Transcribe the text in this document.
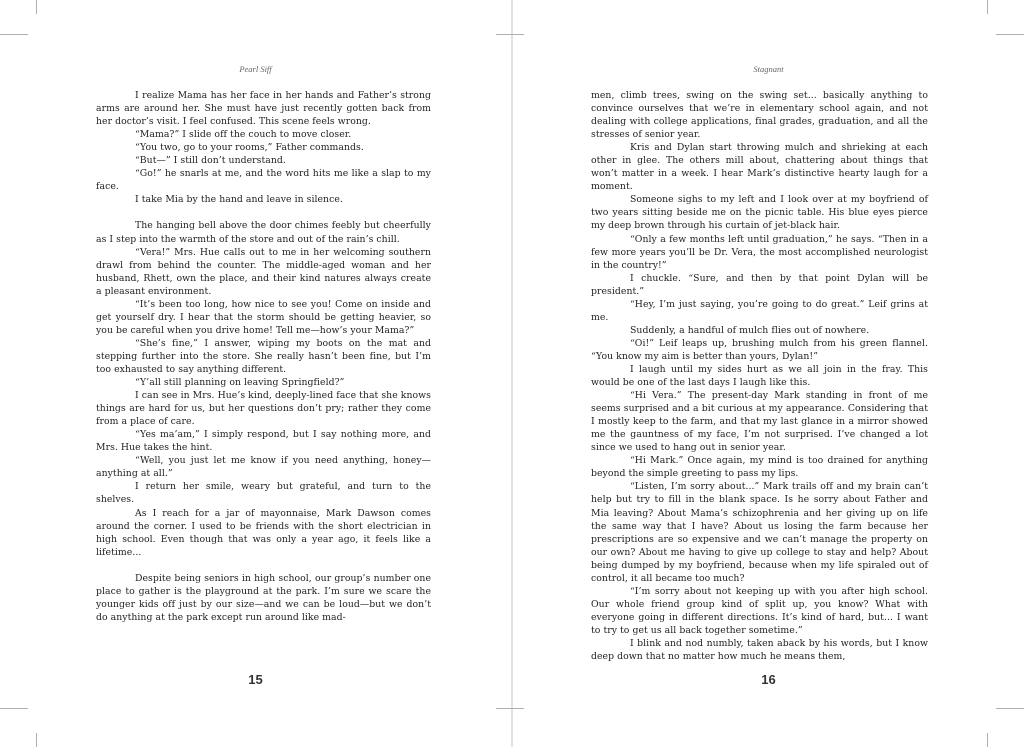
Pearl Siff

I realize Mama has her face in her hands and Father’s strong arms are around her. She must have just recently gotten back from her doctor’s visit. I feel confused. This scene feels wrong.

“Mama?” I slide off the couch to move closer.

“You two, go to your rooms,” Father commands.

“But—” I still don’t understand.

“Go!” he snarls at me, and the word hits me like a slap to my face.

I take Mia by the hand and leave in silence.

The hanging bell above the door chimes feebly but cheerfully as I step into the warmth of the store and out of the rain’s chill.

“Vera!” Mrs. Hue calls out to me in her welcoming southern drawl from behind the counter. The middle-aged woman and her husband, Rhett, own the place, and their kind natures always create a pleasant environment.

“It’s been too long, how nice to see you! Come on inside and get yourself dry. I hear that the storm should be getting heavier, so you be careful when you drive home! Tell me—how’s your Mama?”

“She’s fine,” I answer, wiping my boots on the mat and stepping further into the store. She really hasn’t been fine, but I’m too exhausted to say anything different.

“Y’all still planning on leaving Springfield?”

I can see in Mrs. Hue’s kind, deeply-lined face that she knows things are hard for us, but her questions don’t pry; rather they come from a place of care.

“Yes ma’am,” I simply respond, but I say nothing more, and Mrs. Hue takes the hint.

“Well, you just let me know if you need anything, honey—anything at all.”

I return her smile, weary but grateful, and turn to the shelves.

As I reach for a jar of mayonnaise, Mark Dawson comes around the corner. I used to be friends with the short electrician in high school. Even though that was only a year ago, it feels like a lifetime...

Despite being seniors in high school, our group’s number one place to gather is the playground at the park. I’m sure we scare the younger kids off just by our size—and we can be loud—but we don’t do anything at the park except run around like mad-

15
Stagnant

men, climb trees, swing on the swing set... basically anything to convince ourselves that we’re in elementary school again, and not dealing with college applications, final grades, graduation, and all the stresses of senior year.

Kris and Dylan start throwing mulch and shrieking at each other in glee. The others mill about, chattering about things that won’t matter in a week. I hear Mark’s distinctive hearty laugh for a moment.

Someone sighs to my left and I look over at my boyfriend of two years sitting beside me on the picnic table. His blue eyes pierce my deep brown through his curtain of jet-black hair.

“Only a few months left until graduation,” he says. “Then in a few more years you’ll be Dr. Vera, the most accomplished neurologist in the country!”

I chuckle. “Sure, and then by that point Dylan will be president.”

“Hey, I’m just saying, you’re going to do great.” Leif grins at me.

Suddenly, a handful of mulch flies out of nowhere.

“Oi!” Leif leaps up, brushing mulch from his green flannel. “You know my aim is better than yours, Dylan!”

I laugh until my sides hurt as we all join in the fray. This would be one of the last days I laugh like this.

“Hi Vera.” The present-day Mark standing in front of me seems surprised and a bit curious at my appearance. Considering that I mostly keep to the farm, and that my last glance in a mirror showed me the gauntness of my face, I’m not surprised. I’ve changed a lot since we used to hang out in senior year.

“Hi Mark.” Once again, my mind is too drained for anything beyond the simple greeting to pass my lips.

“Listen, I’m sorry about...” Mark trails off and my brain can’t help but try to fill in the blank space. Is he sorry about Father and Mia leaving? About Mama’s schizophrenia and her giving up on life the same way that I have? About us losing the farm because her prescriptions are so expensive and we can’t manage the property on our own? About me having to give up college to stay and help? About being dumped by my boyfriend, because when my life spiraled out of control, it all became too much?

“I’m sorry about not keeping up with you after high school. Our whole friend group kind of split up, you know? What with everyone going in different directions. It’s kind of hard, but... I want to try to get us all back together sometime.”

I blink and nod numbly, taken aback by his words, but I know deep down that no matter how much he means them,

16
